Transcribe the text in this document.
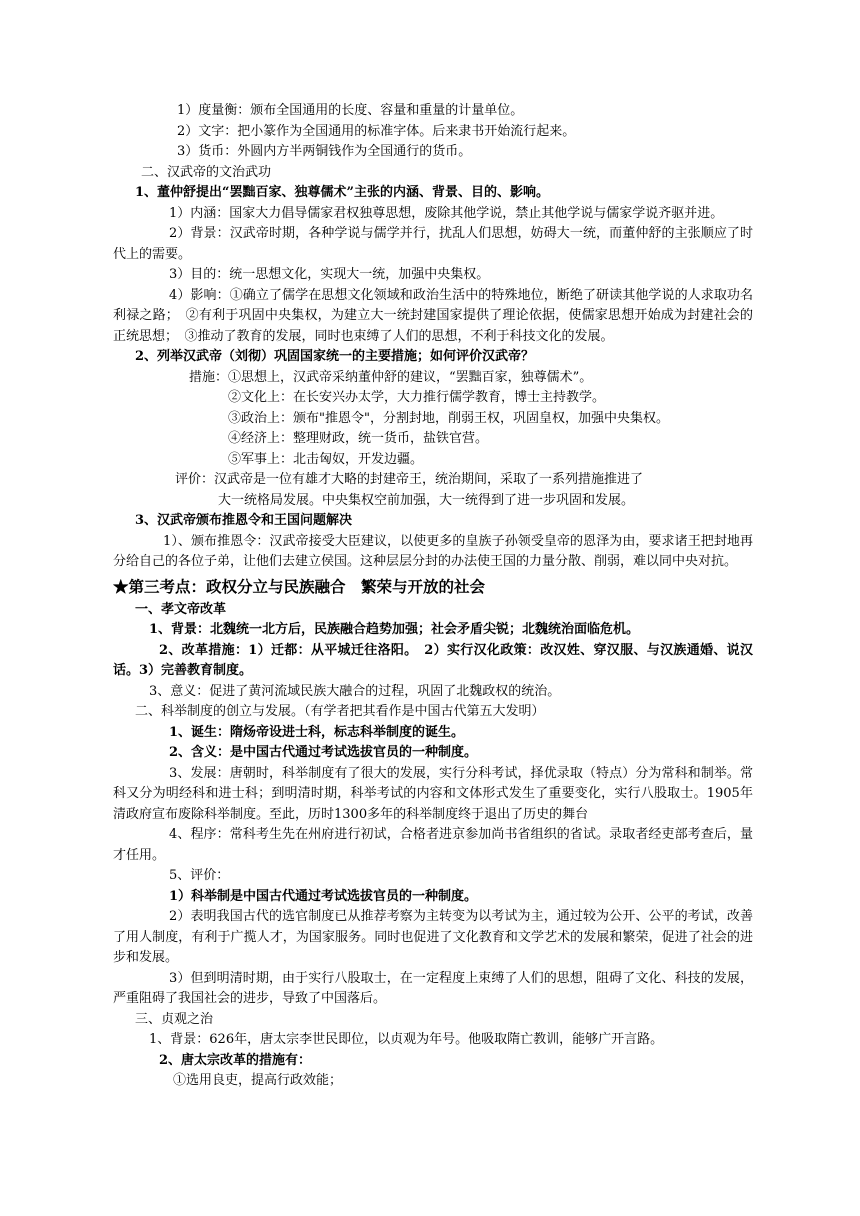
1）度量衡：颁布全国通用的长度、容量和重量的计量单位。

2）文字：把小篆作为全国通用的标准字体。后来隶书开始流行起来。

3）货币：外圆内方半两铜钱作为全国通行的货币。

二、汉武帝的文治武功

1、董仲舒提出“罢黜百家、独尊儒术”主张的内涵、背景、目的、影响。

1）内涵：国家大力倡导儒家君权独尊思想，废除其他学说，禁止其他学说与儒家学说齐驱并进。

2）背景：汉武帝时期，各种学说与儒学并行，扰乱人们思想，妨碍大一统，而董仲舒的主张顺应了时代上的需要。

3）目的：统一思想文化，实现大一统，加强中央集权。

4）影响：①确立了儒学在思想文化领域和政治生活中的特殊地位，断绝了研读其他学说的人求取功名利禄之路；　②有利于巩固中央集权，为建立大一统封建国家提供了理论依据，使儒家思想开始成为封建社会的正统思想；　③推动了教育的发展，同时也束缚了人们的思想，不利于科技文化的发展。

2、列举汉武帝（刘彻）巩固国家统一的主要措施；如何评价汉武帝？

措施：①思想上，汉武帝采纳董仲舒的建议，“罢黜百家，独尊儒术”。

②文化上：在长安兴办太学，大力推行儒学教育，博士主持教学。

③政治上：颁布"推恩令"，分割封地，削弱王权，巩固皇权，加强中央集权。

④经济上：整理财政，统一货币，盐铁官营。

⑤军事上：北击匈奴，开发边疆。

评价：汉武帝是一位有雄才大略的封建帝王，统治期间，采取了一系列措施推进了

大一统格局发展。中央集权空前加强，大一统得到了进一步巩固和发展。

3、汉武帝颁布推恩令和王国问题解决

1）、颁布推恩令：汉武帝接受大臣建议，以使更多的皇族子孙领受皇帝的恩泽为由，要求诸王把封地再分给自己的各位子弟，让他们去建立侯国。这种层层分封的办法使王国的力量分散、削弱，难以同中央对抗。

★第三考点：政权分立与民族融合　繁荣与开放的社会

一、孝文帝改革

1、背景：北魏统一北方后，民族融合趋势加强；社会矛盾尖锐；北魏统治面临危机。

2、改革措施：1）迁都：从平城迁往洛阳。　2）实行汉化政策：改汉姓、穿汉服、与汉族通婚、说汉话。3）完善教育制度。

3、意义：促进了黄河流域民族大融合的过程，巩固了北魏政权的统治。

二、科举制度的创立与发展。（有学者把其看作是中国古代第五大发明）

1、诞生：隋炀帝设进士科，标志科举制度的诞生。

2、含义：是中国古代通过考试选拔官员的一种制度。

3、发展：唐朝时，科举制度有了很大的发展，实行分科考试，择优录取（特点）分为常科和制举。常科又分为明经科和进士科；到明清时期，科举考试的内容和文体形式发生了重要变化，实行八股取士。1905年清政府宣布废除科举制度。至此，历时1300多年的科举制度终于退出了历史的舞台

4、程序：常科考生先在州府进行初试，合格者进京参加尚书省组织的省试。录取者经吏部考查后，量才任用。

5、评价：

1）科举制是中国古代通过考试选拔官员的一种制度。

2）表明我国古代的选官制度已从推荐考察为主转变为以考试为主，通过较为公开、公平的考试，改善了用人制度，有利于广揽人才，为国家服务。同时也促进了文化教育和文学艺术的发展和繁荣，促进了社会的进步和发展。

3）但到明清时期，由于实行八股取士，在一定程度上束缚了人们的思想，阻碍了文化、科技的发展，严重阻碍了我国社会的进步，导致了中国落后。

三、贞观之治

1、背景：626年，唐太宗李世民即位，以贞观为年号。他吸取隋亡教训，能够广开言路。

2、唐太宗改革的措施有：

①选用良吏，提高行政效能；
